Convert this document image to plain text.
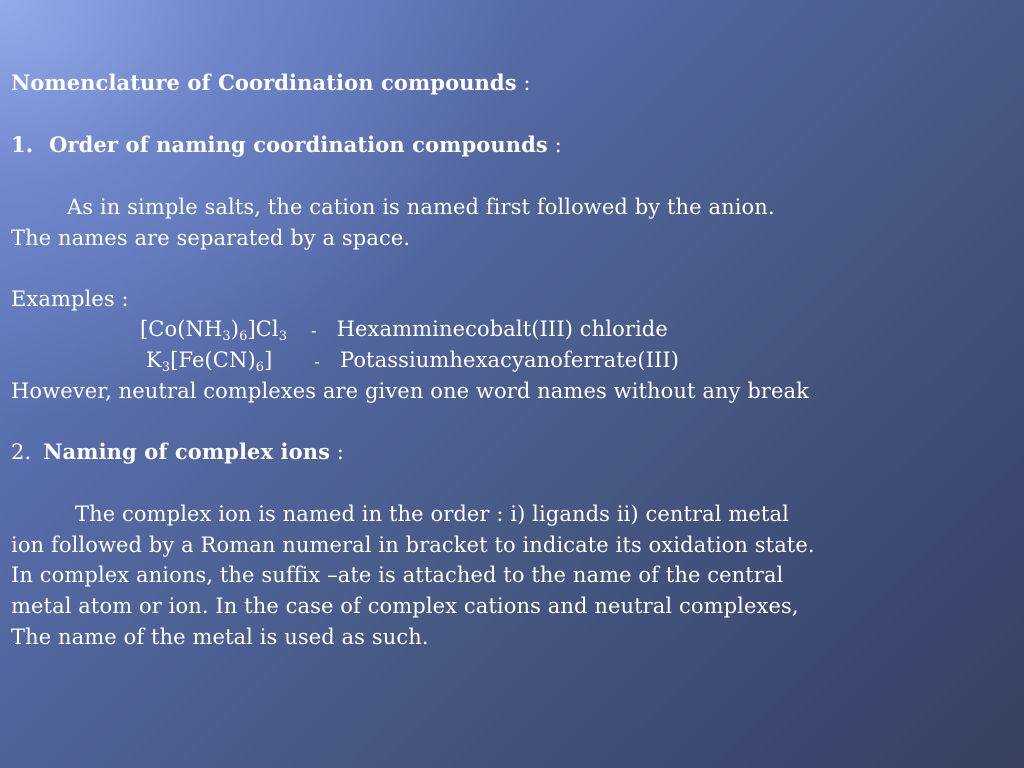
Nomenclature of Coordination compounds :
1. Order of naming coordination compounds :
As in simple salts, the cation is named first followed by the anion.
The names are separated by a space.
Examples :
$[Co(NH_3)_6]Cl_3$ - Hexamminecobalt(III) chloride
$K_3[Fe(CN)_6]$	- Potassiumhexacyanoferrate(III)
However, neutral complexes are given one word names without any break
2. Naming of complex ions :
The complex ion is named in the order : i) ligands ii) central metal
ion followed by a Roman numeral in bracket to indicate its oxidation state.
In complex anions, the suffix –ate is attached to the name of the central
metal atom or ion. In the case of complex cations and neutral complexes,
The name of the metal is used as such.
